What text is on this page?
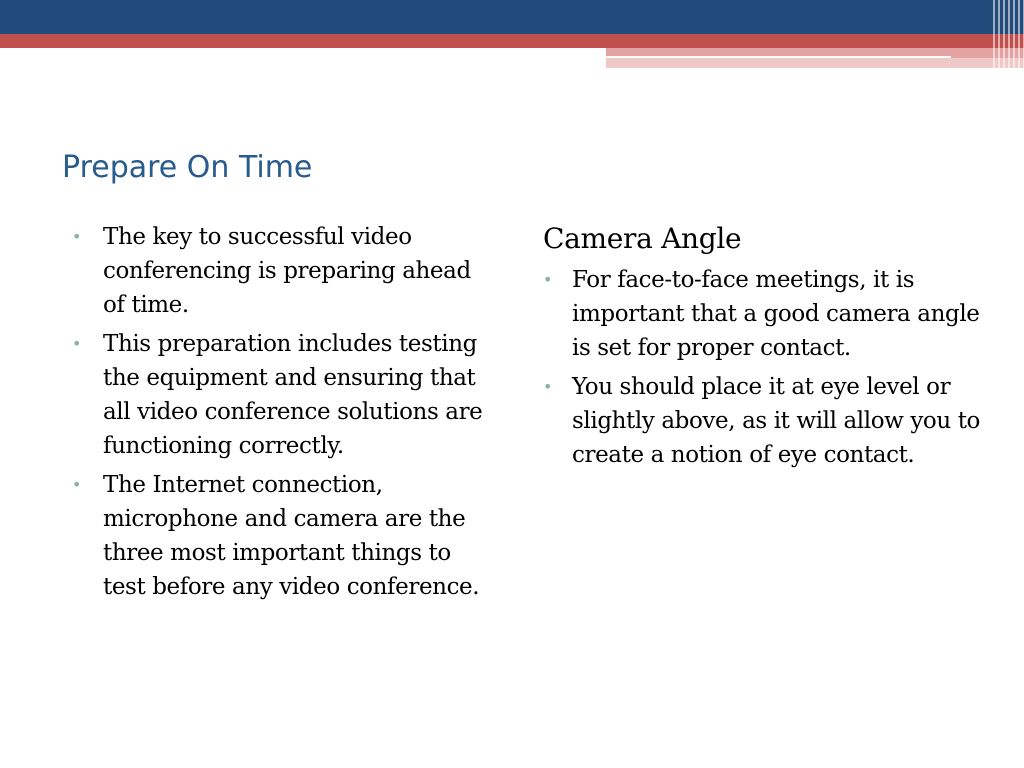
Prepare On Time
• The key to successful video conferencing is preparing ahead of time.
• This preparation includes testing the equipment and ensuring that all video conference solutions are functioning correctly.
• The Internet connection, microphone and camera are the three most important things to test before any video conference.
Camera Angle
• For face-to-face meetings, it is important that a good camera angle is set for proper contact.
• You should place it at eye level or slightly above, as it will allow you to create a notion of eye contact.
